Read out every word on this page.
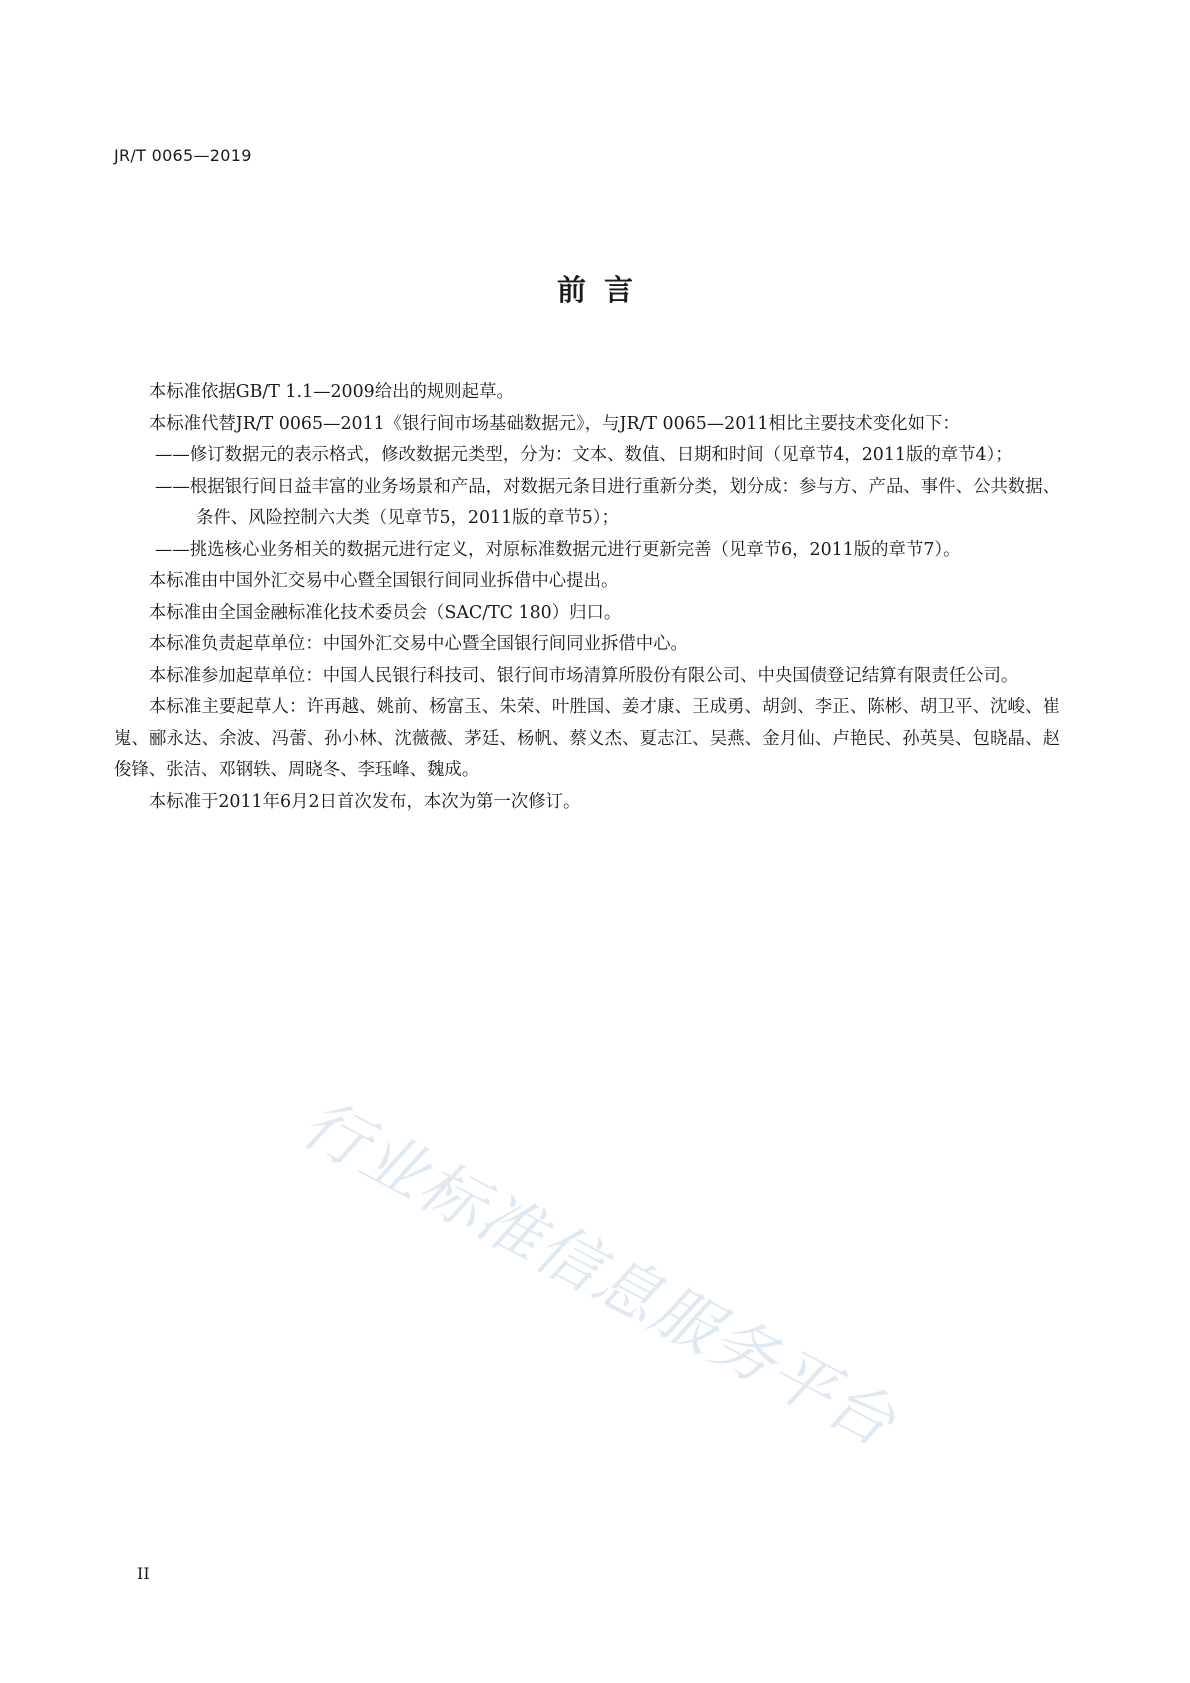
JR/T 0065—2019
前言

本标准依据GB/T 1.1—2009给出的规则起草。

本标准代替JR/T 0065—2011《银行间市场基础数据元》，与JR/T 0065—2011相比主要技术变化如下：

——修订数据元的表示格式，修改数据元类型，分为：文本、数值、日期和时间（见章节4，2011版的章节4）；
——根据银行间日益丰富的业务场景和产品，对数据元条目进行重新分类，划分成：参与方、产品、事件、公共数据、条件、风险控制六大类（见章节5，2011版的章节5）；
——挑选核心业务相关的数据元进行定义，对原标准数据元进行更新完善（见章节6，2011版的章节7）。

本标准由中国外汇交易中心暨全国银行间同业拆借中心提出。

本标准由全国金融标准化技术委员会（SAC/TC 180）归口。

本标准负责起草单位：中国外汇交易中心暨全国银行间同业拆借中心。

本标准参加起草单位：中国人民银行科技司、银行间市场清算所股份有限公司、中央国债登记结算有限责任公司。

本标准主要起草人：许再越、姚前、杨富玉、朱荣、叶胜国、姜才康、王成勇、胡剑、李正、陈彬、胡卫平、沈峻、崔嵬、郦永达、余波、冯蕾、孙小林、沈薇薇、茅廷、杨帆、蔡义杰、夏志江、吴燕、金月仙、卢艳民、孙英昊、包晓晶、赵俊锋、张洁、邓钢轶、周晓冬、李珏峰、魏成。

本标准于2011年6月2日首次发布，本次为第一次修订。

行业标准信息服务平台
II
